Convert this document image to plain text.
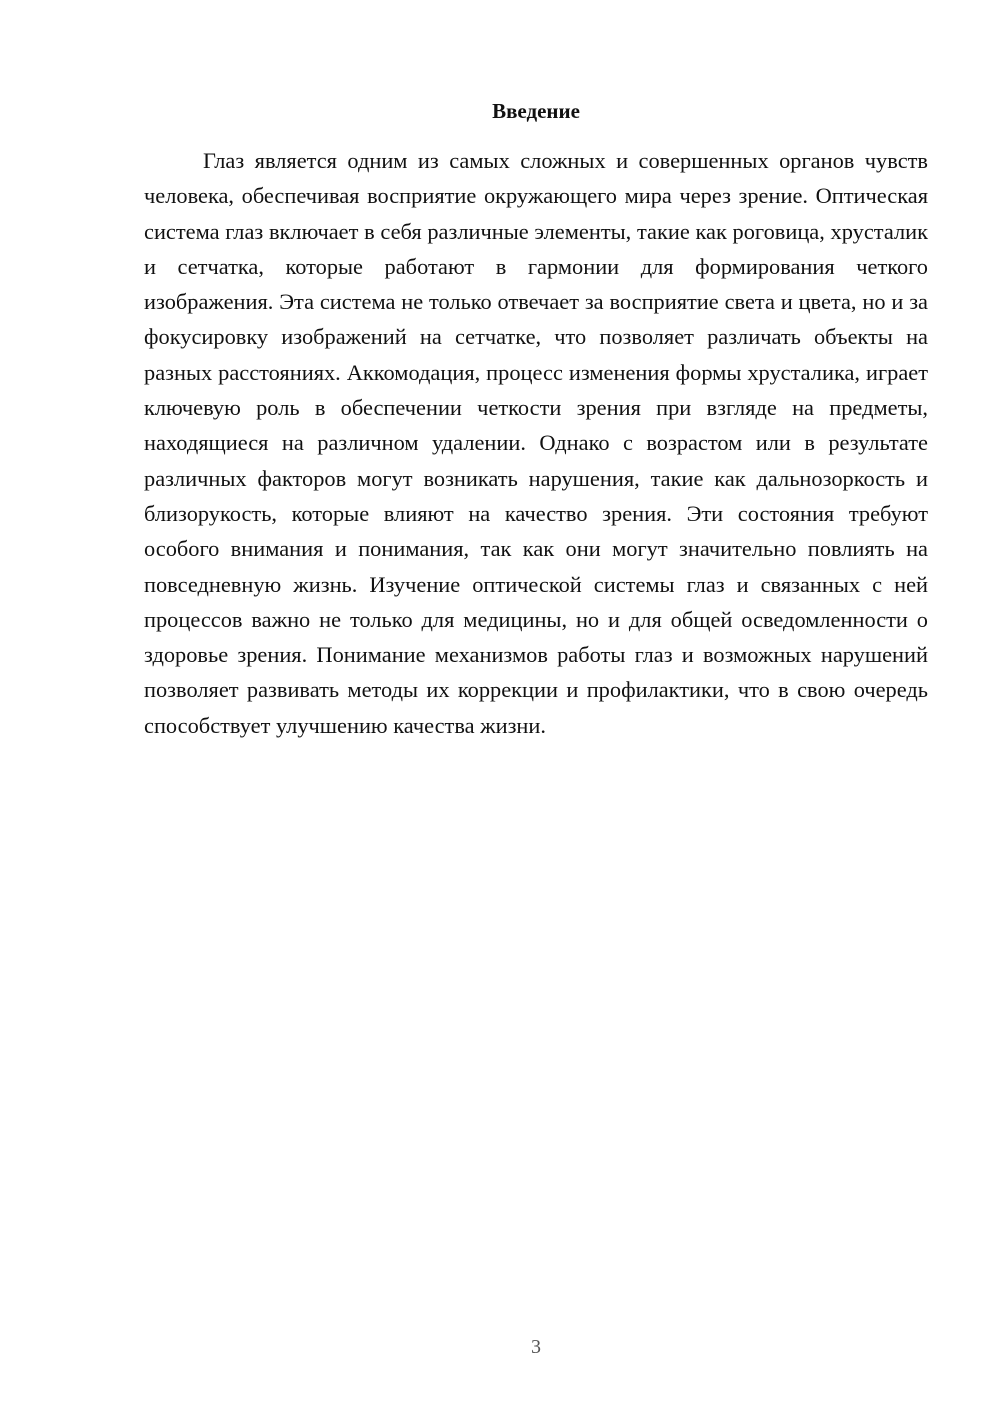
Введение

Глаз является одним из самых сложных и совершенных органов чувств человека, обеспечивая восприятие окружающего мира через зрение. Оптическая система глаз включает в себя различные элементы, такие как роговица, хрусталик и сетчатка, которые работают в гармонии для формирования четкого изображения. Эта система не только отвечает за восприятие света и цвета, но и за фокусировку изображений на сетчатке, что позволяет различать объекты на разных расстояниях. Аккомодация, процесс изменения формы хрусталика, играет ключевую роль в обеспечении четкости зрения при взгляде на предметы, находящиеся на различном удалении. Однако с возрастом или в результате различных факторов могут возникать нарушения, такие как дальнозоркость и близорукость, которые влияют на качество зрения. Эти состояния требуют особого внимания и понимания, так как они могут значительно повлиять на повседневную жизнь. Изучение оптической системы глаз и связанных с ней процессов важно не только для медицины, но и для общей осведомленности о здоровье зрения. Понимание механизмов работы глаз и возможных нарушений позволяет развивать методы их коррекции и профилактики, что в свою очередь способствует улучшению качества жизни.

3
